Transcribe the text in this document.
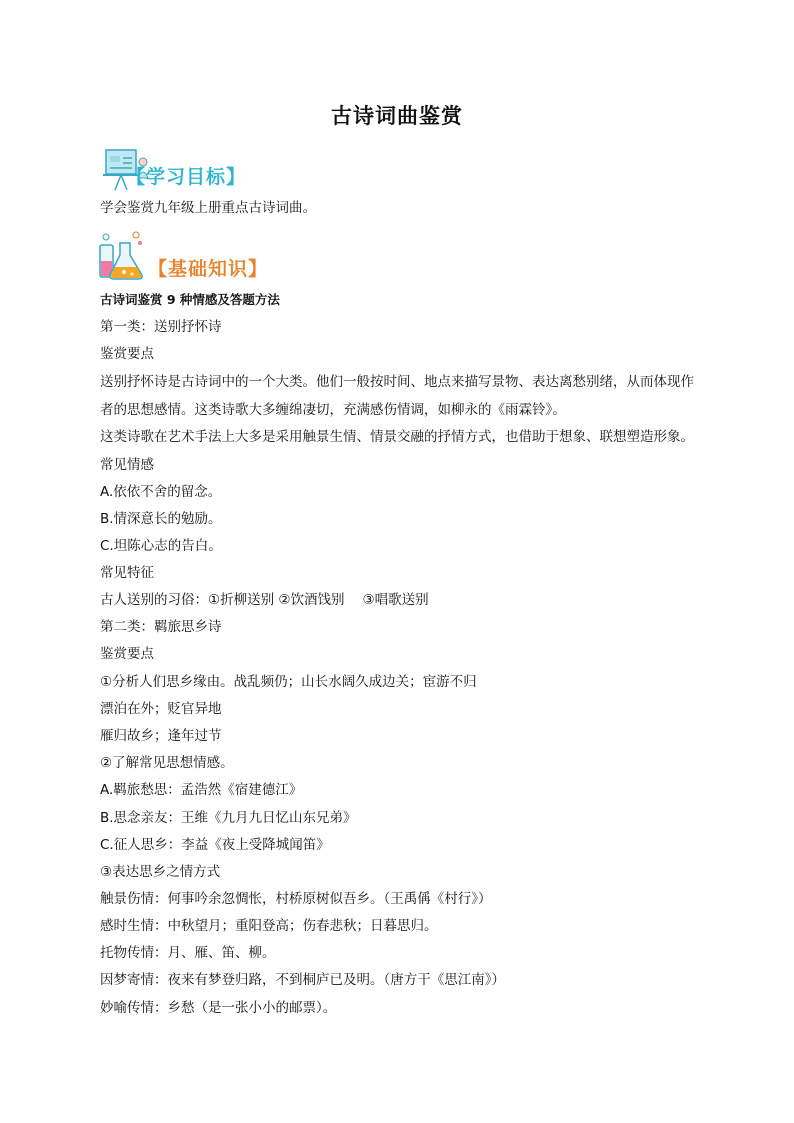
古诗词曲鉴赏
【学习目标】
【基础知识】
学会鉴赏九年级上册重点古诗词曲。
古诗词鉴赏 9 种情感及答题方法
第一类：送别抒怀诗
鉴赏要点
送别抒怀诗是古诗词中的一个大类。他们一般按时间、地点来描写景物、表达离愁别绪，从而体现作
者的思想感情。这类诗歌大多缠绵凄切，充满感伤情调，如柳永的《雨霖铃》。
这类诗歌在艺术手法上大多是采用触景生情、情景交融的抒情方式，也借助于想象、联想塑造形象。
常见情感
A.依依不舍的留念。
B.情深意长的勉励。
C.坦陈心志的告白。
常见特征
古人送别的习俗：①折柳送别 ②饮酒饯别 ③唱歌送别
第二类：羁旅思乡诗
鉴赏要点
①分析人们思乡缘由。战乱频仍；山长水阔久成边关；宦游不归
漂泊在外；贬官异地
雁归故乡；逢年过节
②了解常见思想情感。
A.羁旅愁思：孟浩然《宿建德江》
B.思念亲友：王维《九月九日忆山东兄弟》
C.征人思乡：李益《夜上受降城闻笛》
③表达思乡之情方式
触景伤情：何事吟余忽惆怅，村桥原树似吾乡。（王禹偁《村行》）
感时生情：中秋望月；重阳登高；伤春悲秋；日暮思归。
托物传情：月、雁、笛、柳。
因梦寄情：夜来有梦登归路，不到桐庐已及明。（唐方干《思江南》）
妙喻传情：乡愁（是一张小小的邮票）。
